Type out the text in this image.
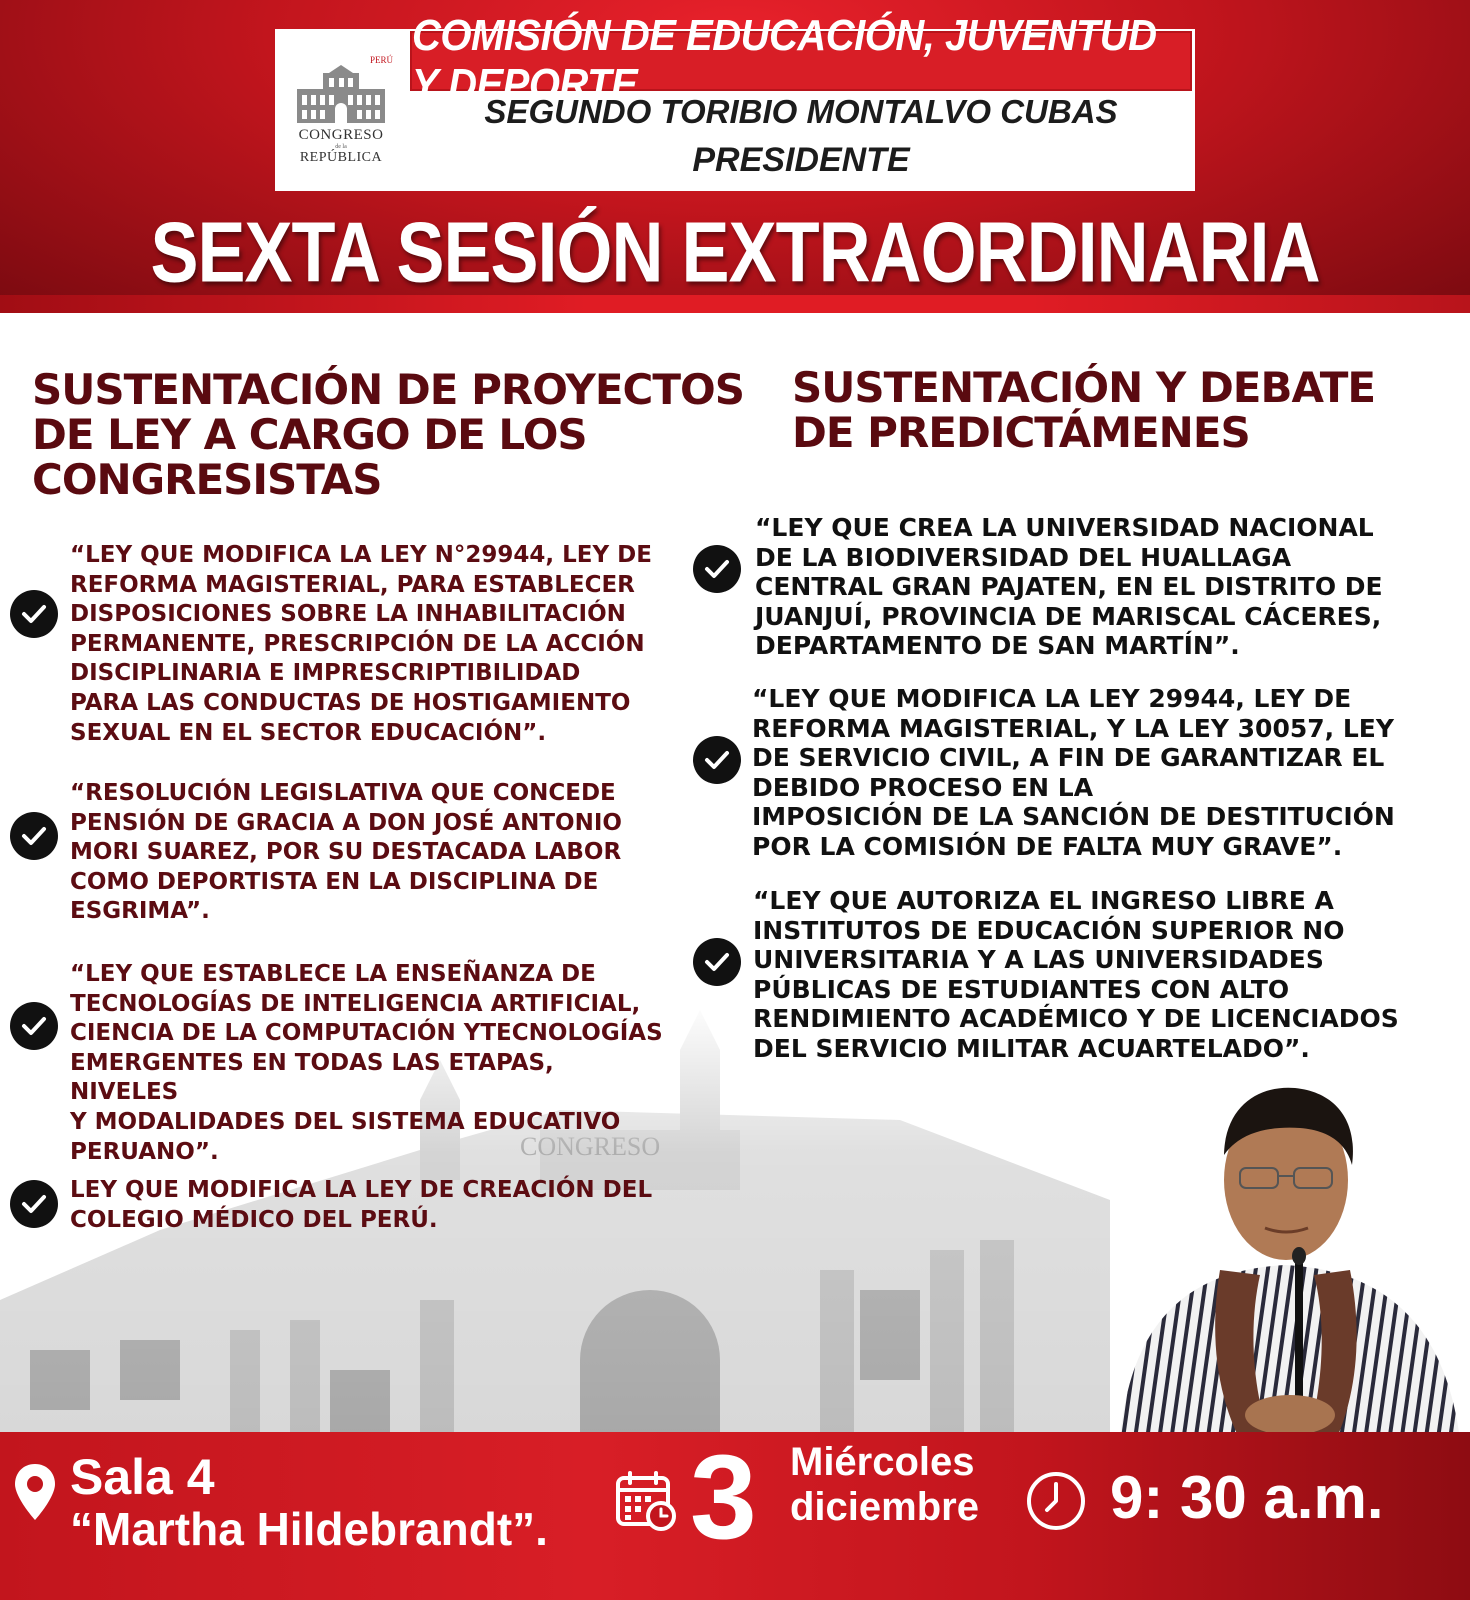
PERÚ
CONGRESO
de la
REPÚBLICA
COMISIÓN DE EDUCACIÓN, JUVENTUD Y DEPORTE
SEGUNDO TORIBIO MONTALVO CUBAS
PRESIDENTE
SEXTA SESIÓN EXTRAORDINARIA
SUSTENTACIÓN DE PROYECTOS
DE LEY A CARGO DE LOS
CONGRESISTAS
“LEY QUE MODIFICA LA LEY N°29944, LEY DE
REFORMA MAGISTERIAL, PARA ESTABLECER
DISPOSICIONES SOBRE LA INHABILITACIÓN
PERMANENTE, PRESCRIPCIÓN DE LA ACCIÓN
DISCIPLINARIA E IMPRESCRIPTIBILIDAD
PARA LAS CONDUCTAS DE HOSTIGAMIENTO
SEXUAL EN EL SECTOR EDUCACIÓN”.
“RESOLUCIÓN LEGISLATIVA QUE CONCEDE
PENSIÓN DE GRACIA A DON JOSÉ ANTONIO
MORI SUAREZ, POR SU DESTACADA LABOR
COMO DEPORTISTA EN LA DISCIPLINA DE
ESGRIMA”.
“LEY QUE ESTABLECE LA ENSEÑANZA DE
TECNOLOGÍAS DE INTELIGENCIA ARTIFICIAL,
CIENCIA DE LA COMPUTACIÓN YTECNOLOGÍAS
EMERGENTES EN TODAS LAS ETAPAS, NIVELES
Y MODALIDADES DEL SISTEMA EDUCATIVO
PERUANO”.
LEY QUE MODIFICA LA LEY DE CREACIÓN DEL
COLEGIO MÉDICO DEL PERÚ.
SUSTENTACIÓN Y DEBATE
DE PREDICTÁMENES
“LEY QUE CREA LA UNIVERSIDAD NACIONAL
DE LA BIODIVERSIDAD DEL HUALLAGA
CENTRAL GRAN PAJATEN, EN EL DISTRITO DE
JUANJUÍ, PROVINCIA DE MARISCAL CÁCERES,
DEPARTAMENTO DE SAN MARTÍN”.
“LEY QUE MODIFICA LA LEY 29944, LEY DE
REFORMA MAGISTERIAL, Y LA LEY 30057, LEY
DE SERVICIO CIVIL, A FIN DE GARANTIZAR EL
DEBIDO PROCESO EN LA
IMPOSICIÓN DE LA SANCIÓN DE DESTITUCIÓN
POR LA COMISIÓN DE FALTA MUY GRAVE”.
“LEY QUE AUTORIZA EL INGRESO LIBRE A
INSTITUTOS DE EDUCACIÓN SUPERIOR NO
UNIVERSITARIA Y A LAS UNIVERSIDADES
PÚBLICAS DE ESTUDIANTES CON ALTO
RENDIMIENTO ACADÉMICO Y DE LICENCIADOS
DEL SERVICIO MILITAR ACUARTELADO”.
Sala 4
“Martha Hildebrandt”. 3 Miércoles
diciembre 9: 30 a.m.
